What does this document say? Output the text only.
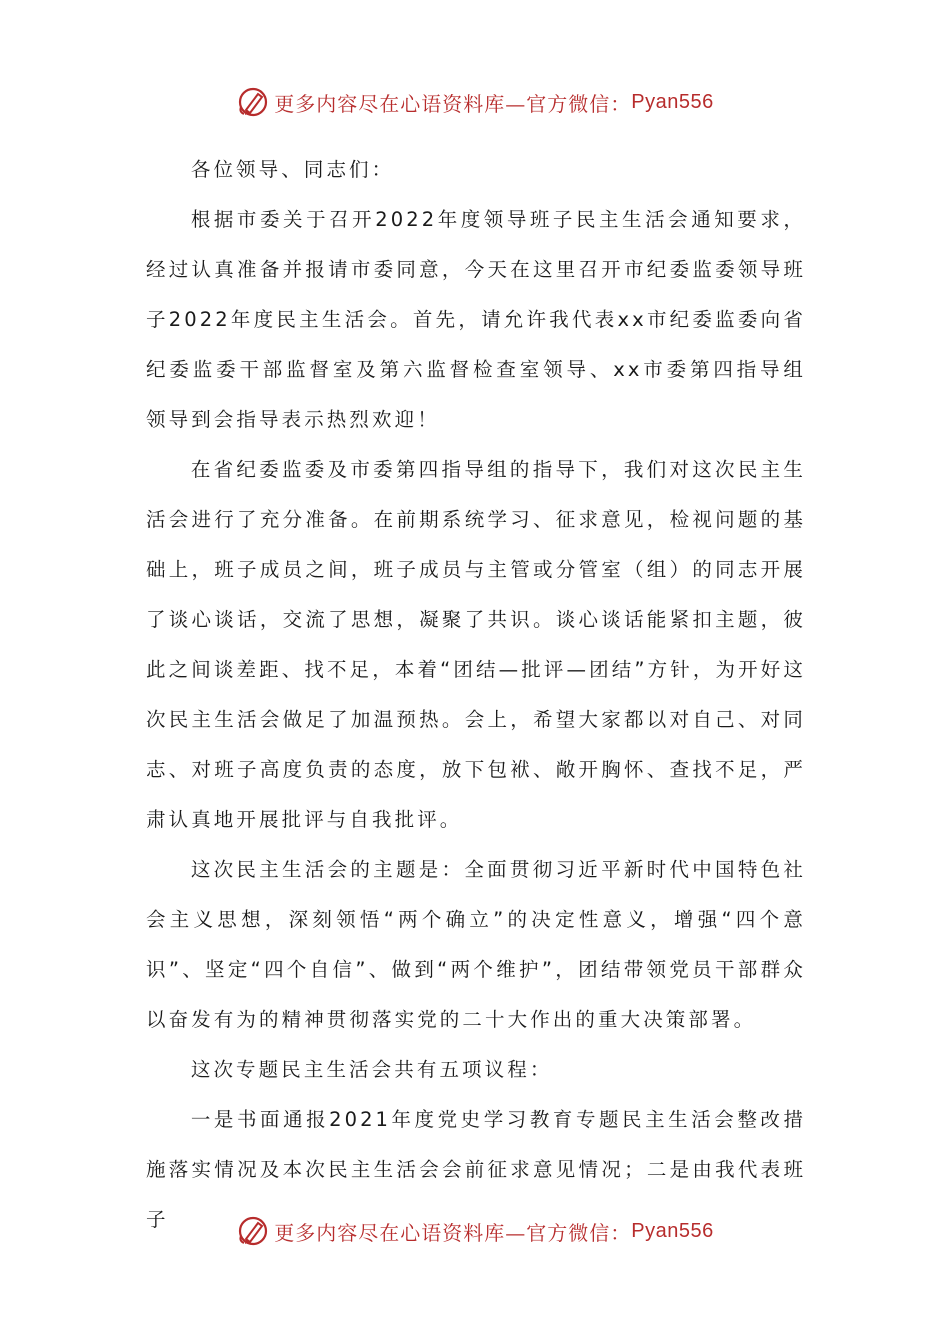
更多内容尽在心语资料库—官方微信： Pyan556

各位领导、同志们：

根据市委关于召开2022年度领导班子民主生活会通知要求，经过认真准备并报请市委同意，今天在这里召开市纪委监委领导班子2022年度民主生活会。首先，请允许我代表xx市纪委监委向省纪委监委干部监督室及第六监督检查室领导、xx市委第四指导组领导到会指导表示热烈欢迎！

在省纪委监委及市委第四指导组的指导下，我们对这次民主生活会进行了充分准备。在前期系统学习、征求意见，检视问题的基础上，班子成员之间，班子成员与主管或分管室（组）的同志开展了谈心谈话，交流了思想，凝聚了共识。谈心谈话能紧扣主题，彼此之间谈差距、找不足，本着“团结—批评—团结”方针，为开好这次民主生活会做足了加温预热。会上，希望大家都以对自己、对同志、对班子高度负责的态度，放下包袱、敞开胸怀、查找不足，严肃认真地开展批评与自我批评。

这次民主生活会的主题是：全面贯彻习近平新时代中国特色社会主义思想，深刻领悟“两个确立”的决定性意义，增强“四个意识”、坚定“四个自信”、做到“两个维护”，团结带领党员干部群众以奋发有为的精神贯彻落实党的二十大作出的重大决策部署。

这次专题民主生活会共有五项议程：

一是书面通报2021年度党史学习教育专题民主生活会整改措施落实情况及本次民主生活会会前征求意见情况；二是由我代表班子

更多内容尽在心语资料库—官方微信： Pyan556
